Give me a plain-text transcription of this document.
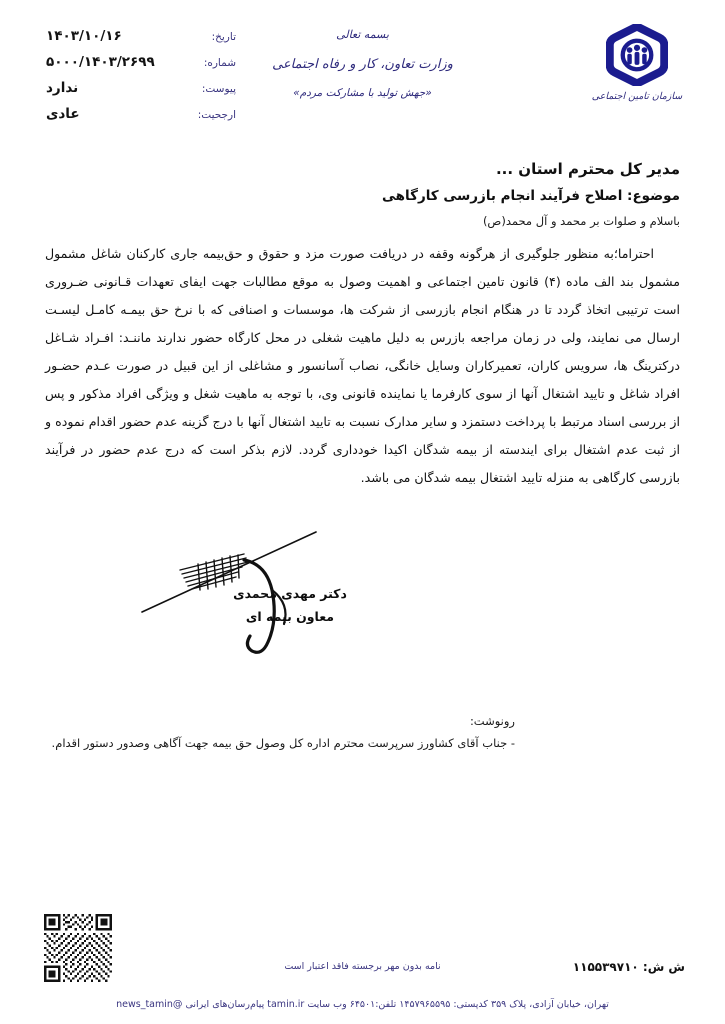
تاریخ:
۱۴۰۳/۱۰/۱۶
شماره:
۵۰۰۰/۱۴۰۳/۲۶۹۹
پیوست:
ندارد
ارجحیت:
عادی
بسمه تعالی
وزارت تعاون، کار و رفاه اجتماعی
«جهش تولید با مشارکت مردم»	سازمان تامین اجتماعی
مدیر کل محترم استان ...
موضوع: اصلاح فرآیند انجام بازرسی کارگاهی
باسلام و صلوات بر محمد و آل محمد(ص)

احتراما؛به منظور جلوگیری از هرگونه وقفه در دریافت صورت مزد و حقوق و حق‌بیمه جاری کارکنان شاغل مشمول مشمول بند الف ماده (۴) قانون تامین اجتماعی و اهمیت وصول به موقع مطالبات جهت ایفای تعهدات قـانونی ضـروری است ترتیبی اتخاذ گردد تا در هنگام انجام بازرسی از شرکت ها، موسسات و اصنافی که با نرخ حق بیمـه کامـل لیسـت ارسال می نمایند، ولی در زمان مراجعه بازرس به دلیل ماهیت شغلی در محل کارگاه حضور ندارند ماننـد: افـراد شـاغل درکترینگ ها، سرویس کاران، تعمیرکاران وسایل خانگی، نصاب آسانسور و مشاغلی از این قبیل در صورت عـدم حضـور افراد شاغل و تایید اشتغال آنها از سوی کارفرما یا نماینده قانونی وی، با توجه به ماهیت شغل و ویژگی افراد مذکور و پس از بررسی اسناد مرتبط با پرداخت دستمزد و سایر مدارک نسبت به تایید اشتغال آنها با درج گزینه عدم حضور اقدام نموده و از ثبت عدم اشتغال برای ایندسته از بیمه شدگان اکیدا خودداری گردد. لازم بذکر است که درج عدم حضور در فرآیند بازرسی کارگاهی به منزله تایید اشتغال بیمه شدگان می باشد.

دکتر مهدی محمدی
معاون بیمه ای
رونوشت:
- جناب آقای کشاورز سرپرست محترم اداره کل وصول حق بیمه جهت آگاهی وصدور دستور اقدام.
نامه بدون مهر برجسته فاقد اعتبار است	ش ش: ۱۱۵۵۳۹۷۱۰
تهران، خیابان آزادی، پلاک ۳۵۹ کدپستی: ۱۴۵۷۹۶۵۵۹۵ تلفن:۶۴۵۰۱ وب سایت tamin.ir پیام‌رسان‌های ایرانی @news_tamin
